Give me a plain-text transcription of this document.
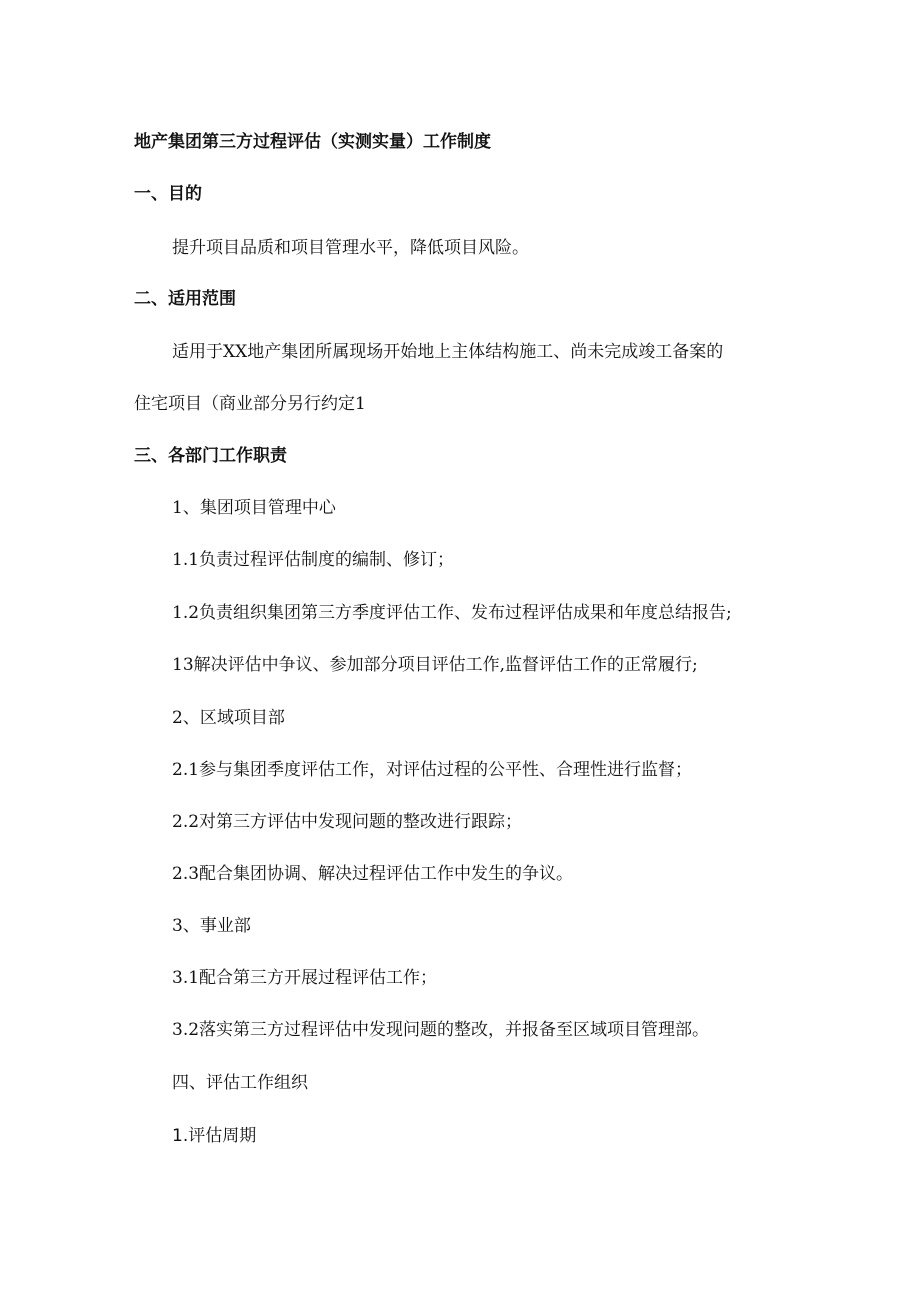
地产集团第三方过程评估（实测实量）工作制度
一、目的
提升项目品质和项目管理水平，降低项目风险。
二、适用范围
适用于XX地产集团所属现场开始地上主体结构施工、尚未完成竣工备案的
住宅项目（商业部分另行约定1
三、各部门工作职责
1、集团项目管理中心
1.1负责过程评估制度的编制、修订；
1.2负责组织集团第三方季度评估工作、发布过程评估成果和年度总结报告;
13解决评估中争议、参加部分项目评估工作,监督评估工作的正常履行;
2、区域项目部
2.1参与集团季度评估工作，对评估过程的公平性、合理性进行监督；
2.2对第三方评估中发现问题的整改进行跟踪；
2.3配合集团协调、解决过程评估工作中发生的争议。
3、事业部
3.1配合第三方开展过程评估工作；
3.2落实第三方过程评估中发现问题的整改，并报备至区域项目管理部。
四、评估工作组织
1.评估周期
